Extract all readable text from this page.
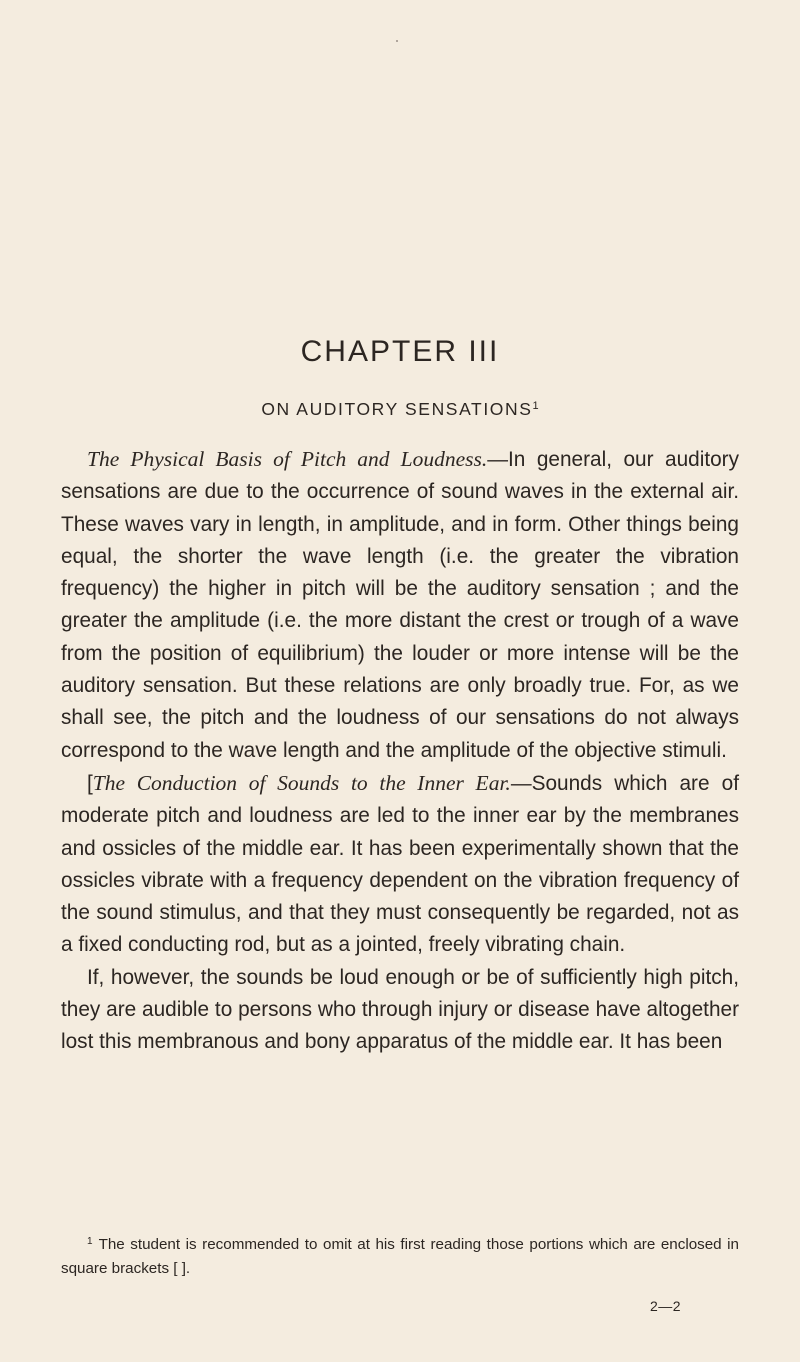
CHAPTER III
ON AUDITORY SENSATIONS$^1$

The Physical Basis of Pitch and Loudness.—In general, our auditory sensations are due to the occurrence of sound waves in the external air. These waves vary in length, in amplitude, and in form. Other things being equal, the shorter the wave length (i.e. the greater the vibration frequency) the higher in pitch will be the auditory sensation ; and the greater the amplitude (i.e. the more distant the crest or trough of a wave from the position of equilibrium) the louder or more intense will be the auditory sensation. But these relations are only broadly true. For, as we shall see, the pitch and the loudness of our sensations do not always correspond to the wave length and the amplitude of the objective stimuli.

[The Conduction of Sounds to the Inner Ear.—Sounds which are of moderate pitch and loudness are led to the inner ear by the membranes and ossicles of the middle ear. It has been experimentally shown that the ossicles vibrate with a frequency dependent on the vibration frequency of the sound stimulus, and that they must consequently be regarded, not as a fixed conducting rod, but as a jointed, freely vibrating chain.

If, however, the sounds be loud enough or be of sufficiently high pitch, they are audible to persons who through injury or disease have altogether lost this membranous and bony apparatus of the middle ear. It has been

$^1$ The student is recommended to omit at his first reading those portions which are enclosed in square brackets [ ].
2—2
